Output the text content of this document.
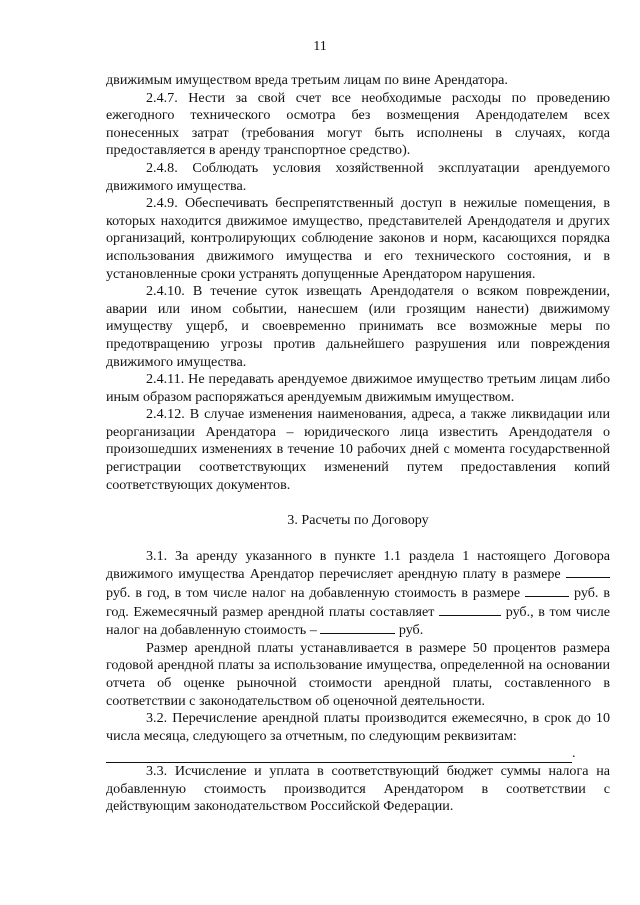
11

движимым имуществом вреда третьим лицам по вине Арендатора.

2.4.7. Нести за свой счет все необходимые расходы по проведению ежегодного технического осмотра без возмещения Арендодателем всех понесенных затрат (требования могут быть исполнены в случаях, когда предоставляется в аренду транспортное средство).

2.4.8. Соблюдать условия хозяйственной эксплуатации арендуемого движимого имущества.

2.4.9. Обеспечивать беспрепятственный доступ в нежилые помещения, в которых находится движимое имущество, представителей Арендодателя и других организаций, контролирующих соблюдение законов и норм, касающихся порядка использования движимого имущества и его технического состояния, и в установленные сроки устранять допущенные Арендатором нарушения.

2.4.10. В течение суток извещать Арендодателя о всяком повреждении, аварии или ином событии, нанесшем (или грозящим нанести) движимому имуществу ущерб, и своевременно принимать все возможные меры по предотвращению угрозы против дальнейшего разрушения или повреждения движимого имущества.

2.4.11. Не передавать арендуемое движимое имущество третьим лицам либо иным образом распоряжаться арендуемым движимым имуществом.

2.4.12. В случае изменения наименования, адреса, а также ликвидации или реорганизации Арендатора – юридического лица известить Арендодателя о произошедших изменениях в течение 10 рабочих дней с момента государственной регистрации соответствующих изменений путем предоставления копий соответствующих документов.

3. Расчеты по Договору

3.1. За аренду указанного в пункте 1.1 раздела 1 настоящего Договора движимого имущества Арендатор перечисляет арендную плату в размере  руб. в год, в том числе налог на добавленную стоимость в размере	руб. в год. Ежемесячный размер арендной платы составляет	руб., в том числе налог на добавленную стоимость –	руб.

Размер арендной платы устанавливается в размере 50 процентов размера годовой арендной платы за использование имущества, определенной на основании отчета об оценке рыночной стоимости арендной платы, составленного в соответствии с законодательством об оценочной деятельности.

3.2. Перечисление арендной платы производится ежемесячно, в срок до 10 числа месяца, следующего за отчетным, по следующим реквизитам:

.

3.3. Исчисление и уплата в соответствующий бюджет суммы налога на добавленную стоимость производится Арендатором в соответствии с действующим законодательством Российской Федерации.
